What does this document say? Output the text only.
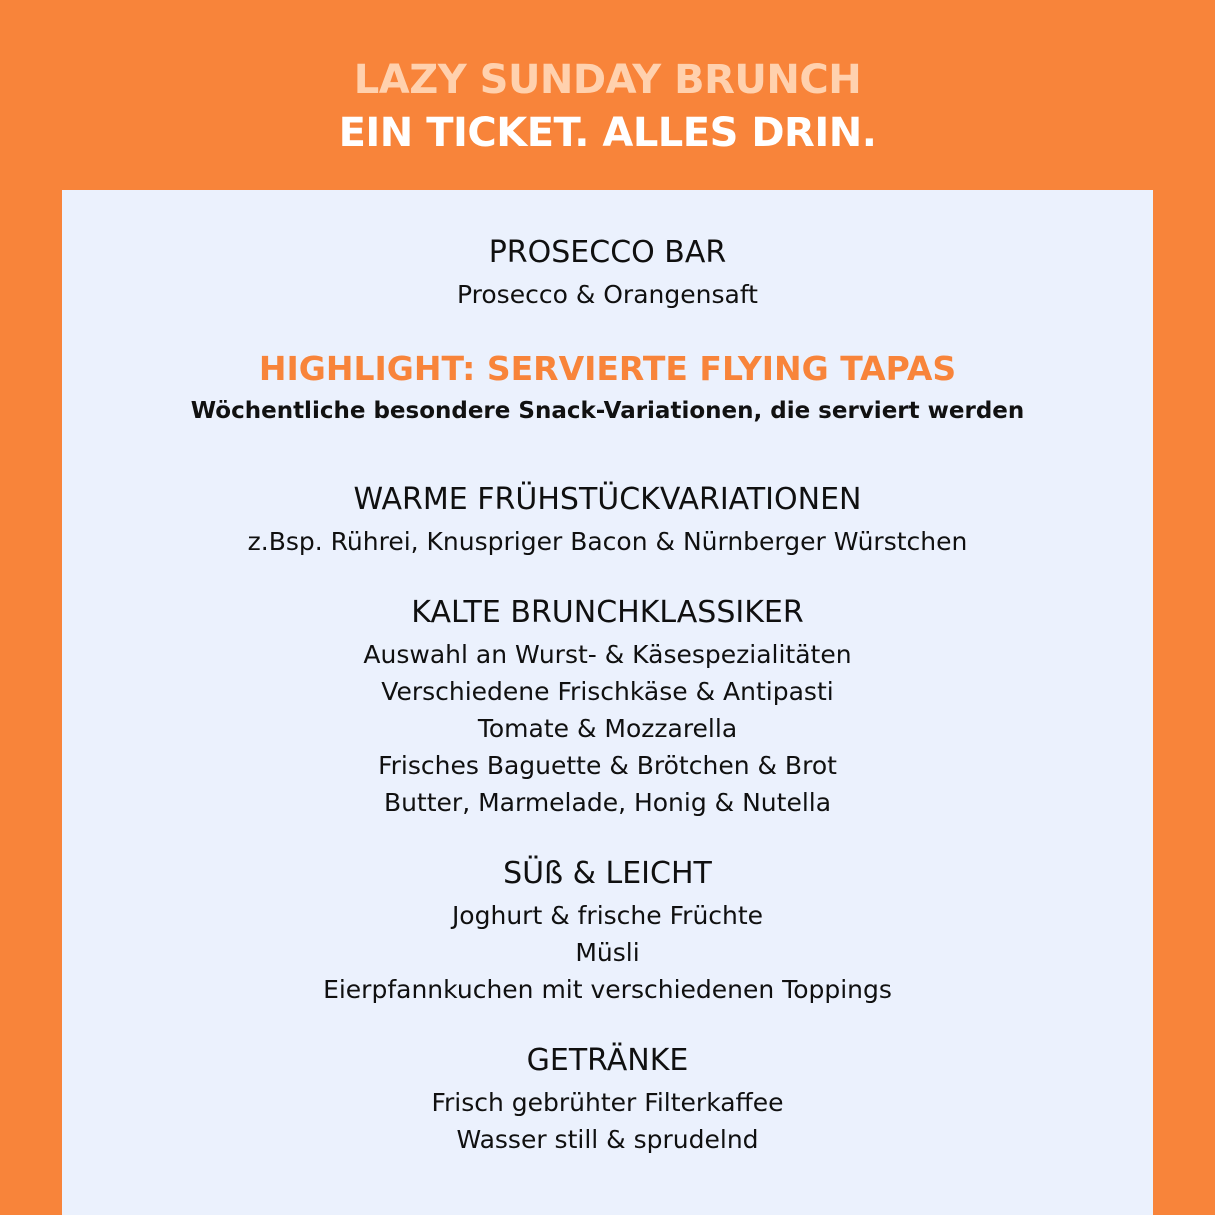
LAZY SUNDAY BRUNCH
EIN TICKET. ALLES DRIN.
PROSECCO BAR
Prosecco & Orangensaft
HIGHLIGHT: SERVIERTE FLYING TAPAS
Wöchentliche besondere Snack-Variationen, die serviert werden
WARME FRÜHSTÜCKVARIATIONEN
z.Bsp. Rührei, Knuspriger Bacon & Nürnberger Würstchen
KALTE BRUNCHKLASSIKER
Auswahl an Wurst- & Käsespezialitäten
Verschiedene Frischkäse & Antipasti
Tomate & Mozzarella
Frisches Baguette & Brötchen & Brot
Butter, Marmelade, Honig & Nutella
SÜß & LEICHT
Joghurt & frische Früchte
Müsli
Eierpfannkuchen mit verschiedenen Toppings
GETRÄNKE
Frisch gebrühter Filterkaffee
Wasser still & sprudelnd
